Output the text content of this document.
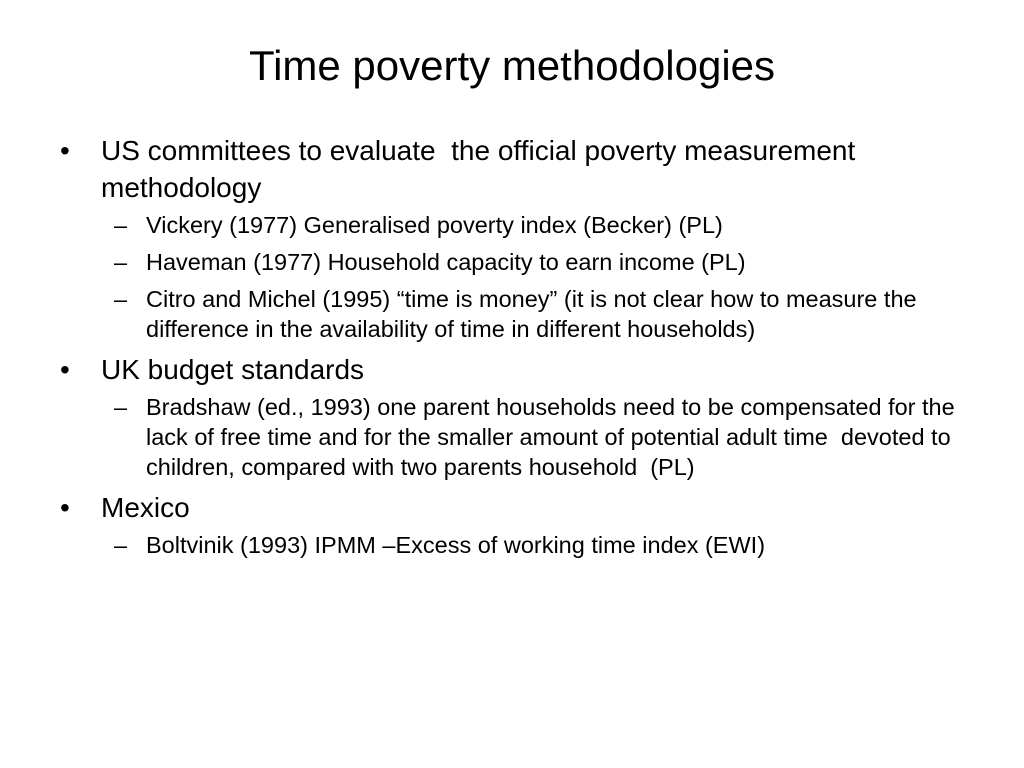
Time poverty methodologies
• US committees to evaluate  the official poverty measurement methodology
– Vickery (1977) Generalised poverty index (Becker) (PL)
– Haveman (1977) Household capacity to earn income (PL)
– Citro and Michel (1995) “time is money” (it is not clear how to measure the difference in the availability of time in different households)
• UK budget standards
– Bradshaw (ed., 1993) one parent households need to be compensated for the lack of free time and for the smaller amount of potential adult time  devoted to children, compared with two parents household  (PL)
• Mexico
– Boltvinik (1993) IPMM –Excess of working time index (EWI)
